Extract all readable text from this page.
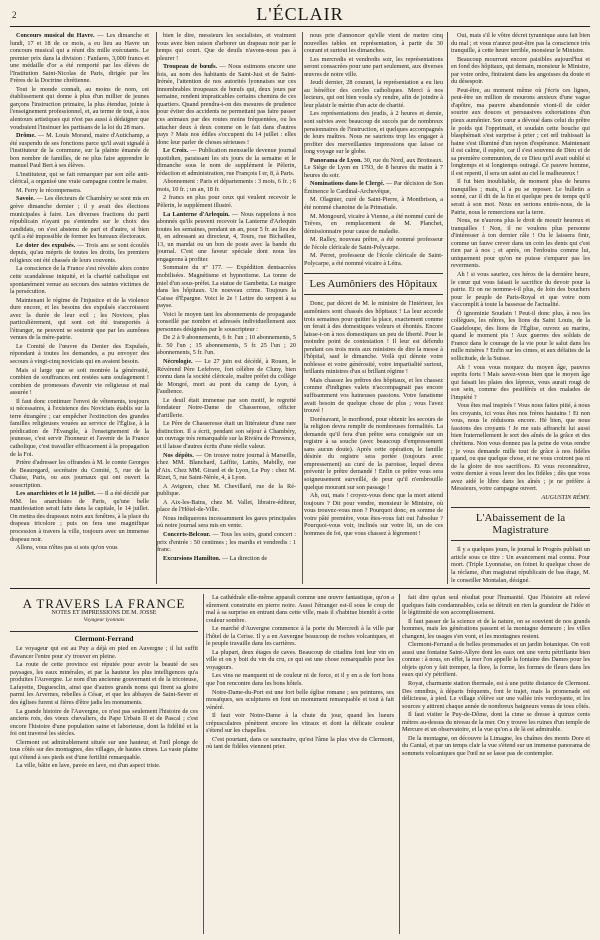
2	L'ÉCLAIR

Concours musical du Havre. — Les dimanche et lundi, 17 et 18 de ce mois, a eu lieu au Havre un concours musical qui a réuni dix mille exécutants. Le premier prix dans la division : Fanfares, 3,000 francs et une médaille d'or a été remporté par les élèves de l'Institution Saint-Nicolas de Paris, dirigée par les Frères de la Doctrine chrétienne.

Tout le monde connaît, au moins de nom, cet établissement qui donne à plus d'un millier de jeunes garçons l'instruction primaire, la plus étendue, jointe à l'enseignement professionnel, et, au terme de tout, à nos alentours artistiques qui n'est pas aussi à dédaigner que voudraient l'insinuer les partisans de la loi du 28 mars.

Drôme. — M. Louis Morand, maire d'Autichamp, a été suspendu de ses fonctions parce qu'il avait signalé à l'instituteur de la commune, sur la plainte émanée de bon nombre de familles, de ne plus faire apprendre le manuel Paul Bert à ses élèves.

L'instituteur, qui se fait remarquer par son zèle anti-clérical, a organisé une vraie campagne contre le maire.

M. Ferry le récompensera.

Savoie. — Les électeurs de Chambéry se sont mis en grève dimanche dernier ; il y avait des élections municipales à faire. Les diverses fractions du parti républicain n'ayant pu s'entendre sur le choix des candidats, on s'est abstenu de part et d'autre, si bien qu'il a été impossible de former les bureaux électoraux.

Le doter des expulsés. — Trois ans se sont écoulés depuis, qu'au mépris de toutes les droits, les premiers religieux ont été chassés de leurs couvents.

La conscience de la France s'est révoltée alors contre cette scandaleuse iniquité, et la charité catholique est spontanément venue au secours des saintes victimes de la persécution.

Maintenant le régime de l'injustice et de la violence dure encore, et les besoins des expulsés s'accroissent avec la durée de leur exil ; les Novices, plus particulièrement, qui sont cet été transportés à l'étranger, ne peuvent se soutenir que par les aumônes venues de la mère-patrie.

Le Comité de l'œuvre du Denier des Expulsés, répondant à toutes les demandes, a pu envoyer des secours à vingt-cinq noviciats qui en avaient besoin.

Mais si large que se soit montrée la générosité, combien de souffrances ont restées sans soulagement ! combien de promesses d'avenir vie religieuse et mal assurée !

Il faut donc continuer l'envoi de vêtements, toujours si nécessaires, à l'existence des Noviciats établis sur la terre étrangère ; car empêcher l'extinction des grandes familles religieuses vouées au service de l'Église, à la prédication de l'Évangile, à l'enseignement de la jeunesse, c'est servir l'honneur et l'avenir de la France catholique, c'est travailler efficacement à la propagation de la Foi.

Prière d'adresser les offrandes à M. le comte Georges de Beauregard, secrétaire du Comité, 5, rue de la Chaise, Paris, ou aux journaux qui ont ouvert la souscription.

Les anarchistes et le 14 juillet. — Il a été décidé par MM. les anarchistes de Paris, qu'une belle manifestation serait faite dans la capitale, le 14 juillet. On mettra des drapeaux noirs aux fenêtres, à la place du drapeau tricolore ; puis on fera une magnifique procession à travers la ville, toujours avec un immense drapeau noir.

Allons, vous n'êtes pas si sots qu'on vous

bien le dire, messieurs les socialistes, et vraiment vous avez bien raison d'arborer un drapeau noir par le temps qui court. Que de deuils n'avons-nous pas à pleurer !

Troupeau de bœufs. — Nous estimons encore une fois, au nom des habitants de Saint-Just et de Saint-Irénée, l'attention de nos autorités lyonnaises sur ces innombrables troupeaux de bœufs qui, deux jours par semaine, rendent impraticables certains chemins de ces quartiers. Quand prendra-t-on des mesures de prudence pour éviter des accidents ne permettant pas faire passer ces animaux par des routes moins fréquentées, ou les attacher deux à deux comme on le fait dans d'autres pays ? Mais nos édiles s'occupent du 14 juillet : elles donc leur parler de choses sérieuses !

Le Croix. — Publication mensuelle devenue journal quotidien, paraissant les six jours de la semaine et le dimanche sous le nom de supplément le Pèlerin, rédaction et administration, rue François I er, 8, à Paris.

Abonnement : Paris et départements : 3 mois, 6 fr. ; 6 mois, 10 fr. ; un an, 18 fr.

2 francs en plus pour ceux qui veulent recevoir le Pèlerin, le supplément illustré.

La Lanterne d'Arlequin. — Nous rappelons à nos abonnés qu'ils peuvent recevoir la Lanterne d'Arlequin toutes les semaines, pendant un an, pour 5 fr. au lieu de 8, en adressant au directeur, 4, Tours, rue Bichatlieu, 13, un mandat ou un bon de poste avec la bande du journal. C'est une faveur spéciale dont nous les engageons à profiter.

Sommaire du n° 177. — Expédition dentsacrées mobilisées. Magnétisme et hypnotisme. La tonne de miel d'un sous-préfet. La statue de Gambetta. Le maigre dans les hôpitaux. Un nouveau crime. Toujours la Caisse d'Épargne. Voici le 2e ! Lettre du serpent à sa payse.

Voici le moyen tant les abonnements de propagande conseillé par nombre et adressés individuellement aux personnes désignées par le souscripteur :

De 2 à 9 abonnements, 6 fr. l'un ; 10 abonnements, 5 fr. 50 l'un ; 15 abonnements, 5 fr. 25 l'un ; 20 abonnements, 5 fr. l'un.

Nécrologie. — Le 27 juin est décédé, à Rouen, le Révérend Père Lefebvre, fort célèbre de Cluny, bien connu dans la société cléricale, maître préfet du collège de Mongré, mort au pont du camp de Lyon, à l'audience.

Le deuil était immense par son motif, le regretté fondateur Notre-Dame de Chasseresse, officier d'artillerie.

Le Père de Chasseresse était un littérateur d'une rare distinction. Il a écrit, pendant son séjour à Chambéry, un ouvrage très remarquable sur la Rivièra de Provence, et il laisse d'autres écrits d'une réelle valeur.

Nos dépôts. — On trouve notre journal à Marseille, chez MM. Blanchard, Laffite, Lattès, Mabilly, rue d'Aix. Chez MM. Girard et de Lyon, Le Puy : chez M. Rizet, 5, rue Saint-Nérée, 4, à Lyon.

A Avignon, chez M. Chevillard, rue de la Ré-publique.

A Aix-les-Bains, chez M. Vallet, libraire-éditeur, place de l'Hôtel-de-Ville.

Nous indiquerons incessamment les gares principales où notre journal sera mis en vente.

Concerts-Belcour. — Tous les soirs, grand concert : prix d'entrée : 50 centimes ; les mardis et vendredis : 1 franc.

Excursions Hamilton. — La direction de

nous prie d'annoncer qu'elle vient de mettre cinq nouvelles tables en représentation, à partir du 30 courant et surtout les dimanches.

Les mercredis et vendredis soir, les représentations seront consacrées pour une part seulement, aux diverses œuvres de notre ville.

Jeudi dernier, 28 courant, la représentation a eu lieu au bénéfice des cercles catholiques. Merci à nos lecteurs, qui ont bien voulu s'y rendre, afin de joindre à leur plaisir le mérite d'un acte de charité.

Les représentations des jeudis, à 2 heures et demie, sont suivies avec beaucoup de succès par de nombreux pensionnaires de l'instruction, et quelques accompagnés de leurs maîtres. Nous ne saurions trop les engager à profiter des merveillantes impressions que laisse ce long voyage sur le globe.

Panorama de Lyon. 30, rue du Nord, aux Brotteaux. Le Siège de Lyon en 1793, de 8 heures du matin à 7 heures du soir.

Nominations dans le Clergé. — Par décision de Son Éminence le Cardinal-Archevêque,

M. Olagnier, curé de Saint-Pierre, à Montbrison, a été nommé chanoine de la Primatiale.

M. Mongourd, vicaire à Vienne, a été nommé curé de Trèves, en remplacement de M. Planchet, démissionnaire pour cause de maladie.

M. Ralley, nouveau prêtre, a été nommé professeur de l'école cléricale de Saint-Polycarpe.

M. Perret, professeur de l'école cléricale de Saint-Polycarpe, a été nommé vicaire à Létra.

Les Aumôniers des Hôpitaux

Donc, par décret de M. le ministre de l'Intérieur, les aumôniers sont chassés des hôpitaux ! La leur accorde trois semaines pour quitter la place, exactement comme on ferait à des domestiques voleurs et éhontés. Encore laisse-t-on à nos domestiques un peu de liberté. Pour le moindre point de contestation ! Il leur est défendu pendant ces trois mois aux ministres de dire la messe à l'hôpital, sauf le dimanche. Voilà qui dénote votre noblesse et votre générosité, votre impartialité surtout, brillants ministres d'un si brillant régime !

Mais chassez les prêtres des hôpitaux, et les chassez comme d'indignes valets n'accompagnait pas encore suffisamment vos haineuses passions. Votre fanatisme avait besoin de quelque chose de plus ; vous l'avez trouvé !

Dorénavant, le moribond, pour obtenir les secours de la religion devra remplir de nombreuses formalités. La demande qu'il fera d'un prêtre sera consignée sur un registre à sa souche (avec beaucoup d'empressement sans aucun doute). Après cette opération, le famille désirée du registre sera portée (toujours avec empressement) au curé de la paroisse, lequel devra prévenir le prêtre demandé ! Enfin ce prêtre vous sera soigneusement surveillé, de peur qu'il n'embrouille quelque mourant sur son passage !

Ah, oui, mais ! croyez-vous donc que la mort attend toujours ? Dit pour vendre, monsieur le Ministre, où vous trouvez-vous mon ? Pourquoi donc, en somme de votre pâté première, vous êtes-vous fait oui l'absolue ? Pourquoi-vous voir, inclinés sur votre lit, un de ces hommes de foi, que vous chassez à lègrement !

Oui, mais s'il le vôtre décret tyrannique aura fait bien du mal ; et vous n'aurez peut-être pas la conscience très tranquille, à cette heure terrible, monsieur le Ministre.

Beaucoup mourront encore paisibles aujourd'hui et en fond des hôpitaux, qui demain, monsieur le Ministre, par votre ordre, finiraient dans les angoisses du doute et du désespoir.

Peut-être, au moment même où j'écris ces lignes, peut-être un million de mourons anxieux d'une vague d'apôtre, ma pauvre abandonnée viont-il de céder sourire aux douces et persuasives exhortations d'un pieux aumônier. Son cœur a dévoué dans celui du prêtre le poids qui l'opprimait, et soudain cette bouche qui blasphémait s'est surprise à prier ; cet œil trahissait la haine s'est illuminé d'un rayon d'espérance. Maintenant il est calme, il espère, car il s'est souvenu de Dieu et de sa première communion, de ce Dieu qu'il avait oublié si longtemps et si longtemps outragé. Ce pauvre homme, il est repenti, il sera un saint au ciel le malheureux !

Il fut bien inoubliable, de moment plus de heures tranquilles ; mais, il a pu se reposer. Le bulletin a sonné, car il dit de la fin et quelque peu de temps qu'il serait à son mot. Nous en serions entrés-nous, de la Patrie, nous le remercions sur la terre.

Nous, ne n'aurons plus le droit de mourir heureux et tranquilles ! Non, il ne voulons plus personne d'intéresser à ton dernier râle ! Ou le laissera finir, comme un fauve crever dans un coin les dents qui c'est rien par à nos ; et après, on l'enfouira comme lui, uniquement pour qu'on ne puisse s'emparer pas les reverments.

Ah ! si vous sauriez, ces héros de la dernière heure, le cœur qui vous faisait le sacrifice du devoir pour la patrie. Et on ne nomme-t-il plus, de loin des bouchers pour le peuple de Paris-Royal et que votre nom s'accomplit à toute la bassesse de l'actualité.

Ô ignominie Soudain ! Peut-il donc plus, à nos les collègues, les nôtres, les lions du Saint Louis, de la Guadeloupe, des lions de l'Église, ouvrez au marins, quand le moment pis ! Aux guerres des soldats de France dans le courage de la vie pour le salut dans les mille misères ? Enfin sur les cimes, et aux défaites de la sollicitude, de la Suisse.

Ah ! vous vous moquez du moyen âge, pauvres esprits forts ! Mais savez-vous bien que le moyen âge qui faisait les plaies des lépreux, vous aurait rougi de son sein, comme des pestiférés et des malades de l'impiété ?

Vous êtes mal inspirés ! Vous nous faites pitié, à nous les croyants, ici vous êtes nos frères hautains ! Et non vous, nous le réduisons encore. Hé bien, que nous fassions des croyants ! Je me suis affranchi lui aussi bien fraternellement le sort des aînés de la grâce et des chrétiens. Non vous donnez pas la peine de vous rendre ; je vous demande mille tout de grâce à nos fidèles quand, ou que quelque chose, et ne vous croiront pas ni de la gloire de nos sacrifices. Et vous reconnaîtrez, votre dernier à vous lever des les fidèles ; dès que vous avez aidé le libre dans les aînés ; je ne préfère à Messieurs, votre campagne ouvert.

AUGUSTIN RÉMY.
L'Abaissement de la Magistrature

Il y a quelques jours, le journal le Progrès publiait un article sous ce titre : Un avancement mal connu. Pour mort. (Triple Lyonnaise, on foinet lu quelque chose de la réclame, d'un magistrat républicain de bas étage, M. le conseiller Montalan, désigné.

A TRAVERS LA FRANCE
NOTES ET IMPRESSIONS DE M. JOSSE
Voyageur lyonnais
Clermont-Ferrand

Le voyageur qui est au Puy a déjà en pied en Auvergne ; il lui suffit d'avancer l'entre pour s'y trouver en pleine.

La route de cette province est réputée pour avoir la beauté de ses paysages, les eaux minérales, et par la hauteur les plus intelligences qu'a produites l'Auvergne. Le nom d'un ancienne gouvernant et de la tricoteuse, Lafayette, Duguesclin, ainsi que d'autres grands noms qui firent sa gloire parmi les Arvernes, rebelles à César, et que les abbayes de Saint-Sever et des églises furent si fières d'être jadis les monuments.

La grande histoire de l'Auvergne, ce n'est pas seulement l'histoire de ces anciens rois, des vieux chevaliers, du Pape Urbain II et de Pascal ; c'est encore l'histoire d'une population saine et laborieuse, dont la fidélité et la foi ont traversé les siècles.

Clermont est admirablement située sur une hauteur, et l'œil plonge de tous côtés sur des montagnes, des villages, de hautes cimes. La vaste plaine qui s'étend à ses pieds est d'une fertilité remarquable.

La ville, bâtie en lave, pavée en lave, est d'un aspect triste.

La cathédrale elle-même apparaît comme une œuvre fantastique, qu'on a sûrement construite en pierre noire. Aussi l'étranger est-il sous le coup de mal à sa surprise en entrant dans cette ville, mais il s'habitue bientôt à cette couleur sombre.

Le marché d'Auvergne commence à la porte du Mercredi à la ville par l'hôtel de la Cerise. Il y a en Auvergne beaucoup de roches volcaniques, et le peuple travaille dans les carrières.

La plupart, deux étages de caves. Beaucoup de citadins font leur vin en ville et on y boit du vin du cru, ce qui est une chose remarquable pour les voyageurs.

Les vins ne manquent ni de couleur ni de force, et il y en a de fort bons que l'on rencontre dans les bons hôtels.

Notre-Dame-du-Port est une fort belle église romane ; ses peintures, ses mosaïques, ses sculptures en font un monument remarquable et tout à fait vénéré.

Il faut voir Notre-Dame à la chute du jour, quand les lueurs crépusculaires pénètrent encore les vitraux et dont la délicate couleur s'étend sur les chapelles.

C'est pourtant, dans ce sanctuaire, qu'est l'âme la plus vive de Clermont, où tant de fidèles viennent prier.

fait dire qu'un seul résultat pour l'humanité. Que l'histoire ait relevé quelques faits condamnables, cela se détruit en rien la grandeur de l'idée et le légitimité de son accomplissement.

Il faut passer de la science et de la nature, on se souvient de nos grands hommes, mais les générations passent et la montagne demeure ; les villes changent, les usages s'en vont, et les montagnes restent.

Clermont-Ferrand a de belles promenades et un jardin botanique. On voit aussi une fontaine Saint-Allyre dont les eaux ont une vertu pétrifiante bien connue : à nous, en effet, la mer l'on appelle la fontaine des Dames pour les objets qu'on y fait tremper, la flore, la forme, les formes de fleurs dans les eaux qui s'y pétrifient.

Royat, charmante station thermale, est à une petite distance de Clermont. Des omnibus, à départs fréquents, font le trajet, mais la promenade est délicieuse, à pied. Le village s'élève sur une vallée très verdoyante, et les sources y attirent chaque année de nombreux baigneurs venus de tous côtés.

Il faut visiter le Puy-de-Dôme, dont la cime se dresse à quinze cents mètres au-dessus du niveau de la mer. On y trouve les ruines d'un temple de Mercure et un observatoire, et la vue qu'on a de là est admirable.

De la montagne, on découvre la Limagne, les chaînes des monts Dore et du Cantal, et par un temps clair la vue s'étend sur un immense panorama de sommets volcaniques que l'œil ne se lasse pas de contempler.
